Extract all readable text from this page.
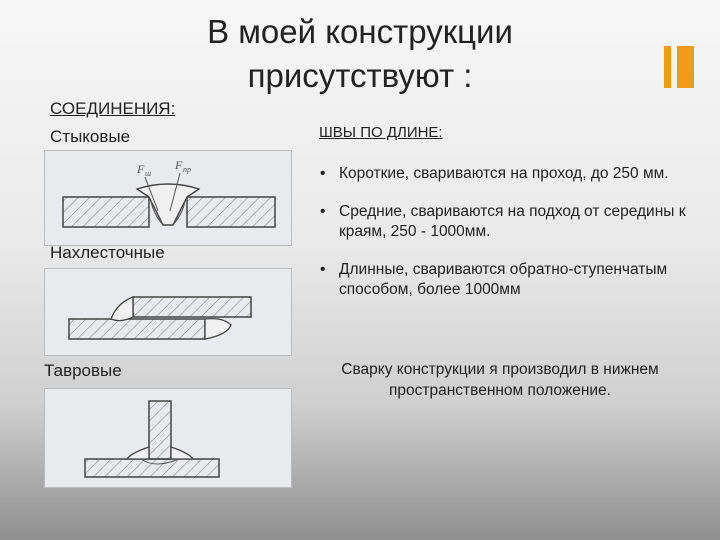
В моей конструкции
присутствуют :
СОЕДИНЕНИЯ:
Стыковые
F ш
F пр
Нахлесточные
Тавровые
ШВЫ ПО ДЛИНЕ:
• Короткие, свариваются на проход, до 250 мм.
• Средние, свариваются на подход от середины к краям, 250 - 1000мм.
• Длинные, свариваются обратно-ступенчатым способом, более 1000мм
Сварку конструкции я производил в нижнем пространственном положение.
